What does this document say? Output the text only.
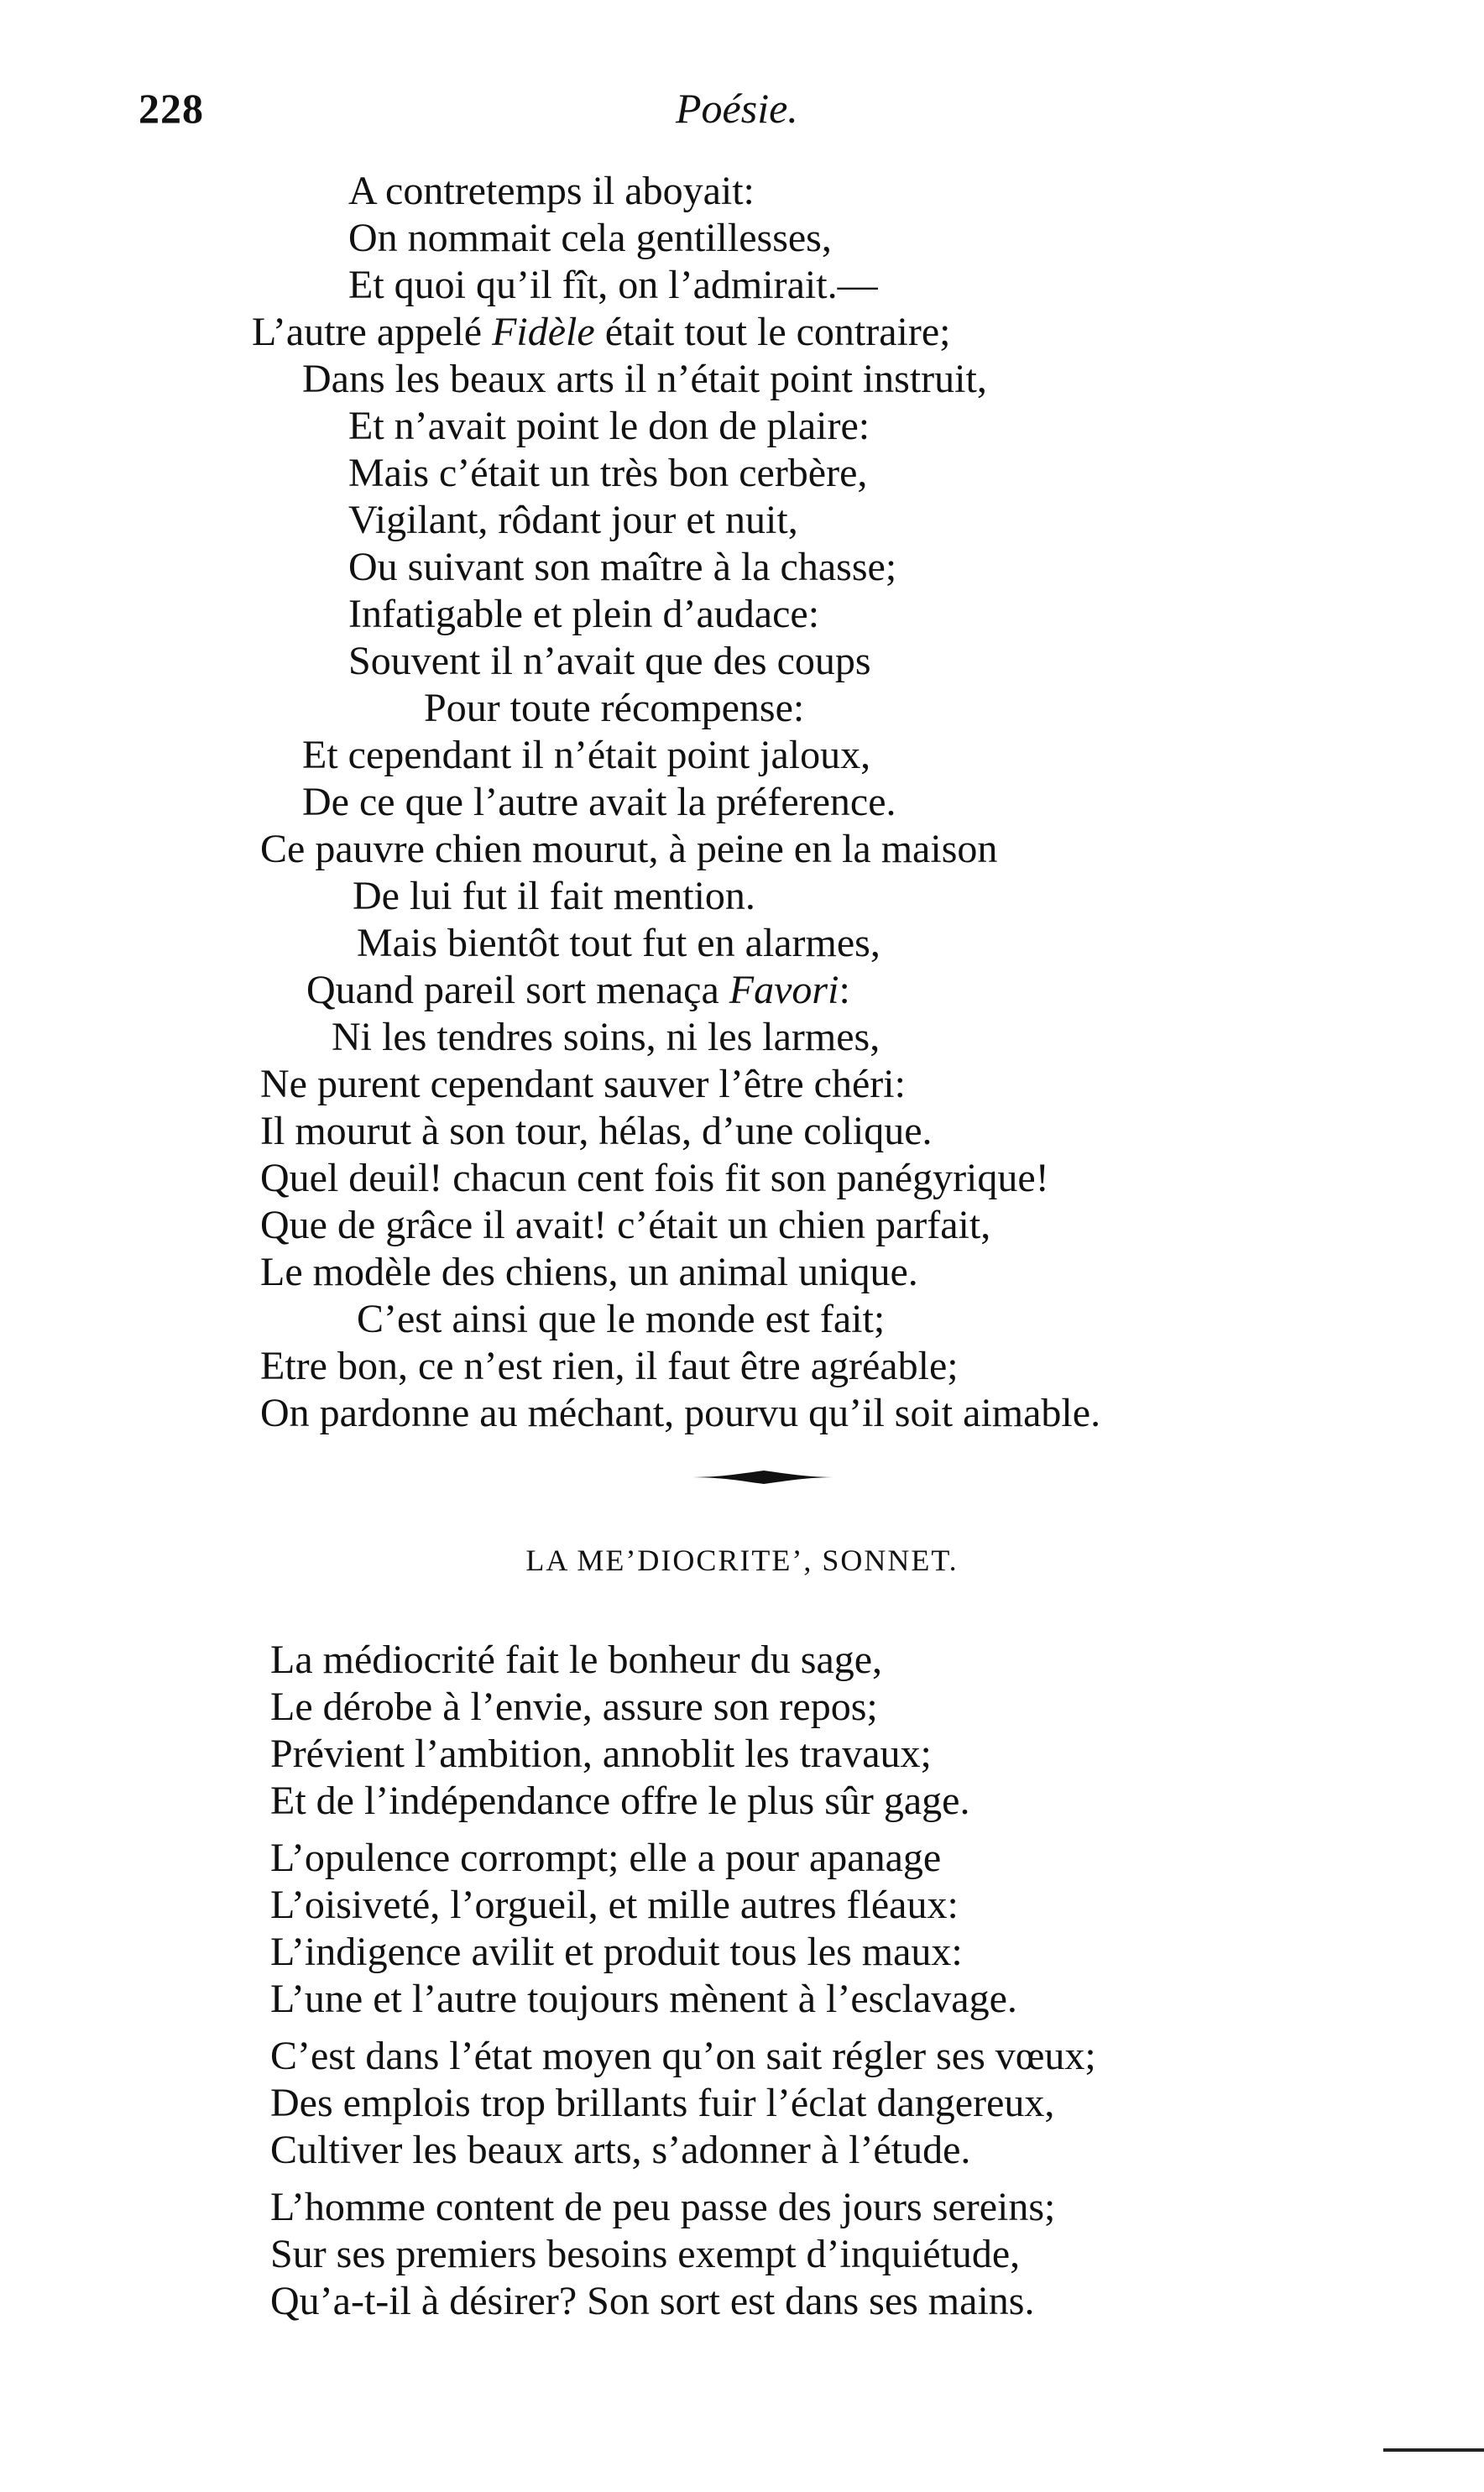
228	Poésie.
A contretemps il aboyait:
On nommait cela gentillesses,
Et quoi qu’il fît, on l’admirait.—
L’autre appelé Fidèle était tout le contraire;
Dans les beaux arts il n’était point instruit,
Et n’avait point le don de plaire:
Mais c’était un très bon cerbère,
Vigilant, rôdant jour et nuit,
Ou suivant son maître à la chasse;
Infatigable et plein d’audace:
Souvent il n’avait que des coups
Pour toute récompense:
Et cependant il n’était point jaloux,
De ce que l’autre avait la préference.
Ce pauvre chien mourut, à peine en la maison
De lui fut il fait mention.
Mais bientôt tout fut en alarmes,
Quand pareil sort menaça Favori:
Ni les tendres soins, ni les larmes,
Ne purent cependant sauver l’être chéri:
Il mourut à son tour, hélas, d’une colique.
Quel deuil! chacun cent fois fit son panégyrique!
Que de grâce il avait! c’était un chien parfait,
Le modèle des chiens, un animal unique.
C’est ainsi que le monde est fait;
Etre bon, ce n’est rien, il faut être agréable;
On pardonne au méchant, pourvu qu’il soit aimable.
LA ME’DIOCRITE’, SONNET.
La médiocrité fait le bonheur du sage,
Le dérobe à l’envie, assure son repos;
Prévient l’ambition, annoblit les travaux;
Et de l’indépendance offre le plus sûr gage.
L’opulence corrompt; elle a pour apanage
L’oisiveté, l’orgueil, et mille autres fléaux:
L’indigence avilit et produit tous les maux:
L’une et l’autre toujours mènent à l’esclavage.
C’est dans l’état moyen qu’on sait régler ses vœux;
Des emplois trop brillants fuir l’éclat dangereux,
Cultiver les beaux arts, s’adonner à l’étude.
L’homme content de peu passe des jours sereins;
Sur ses premiers besoins exempt d’inquiétude,
Qu’a-t-il à désirer? Son sort est dans ses mains.
